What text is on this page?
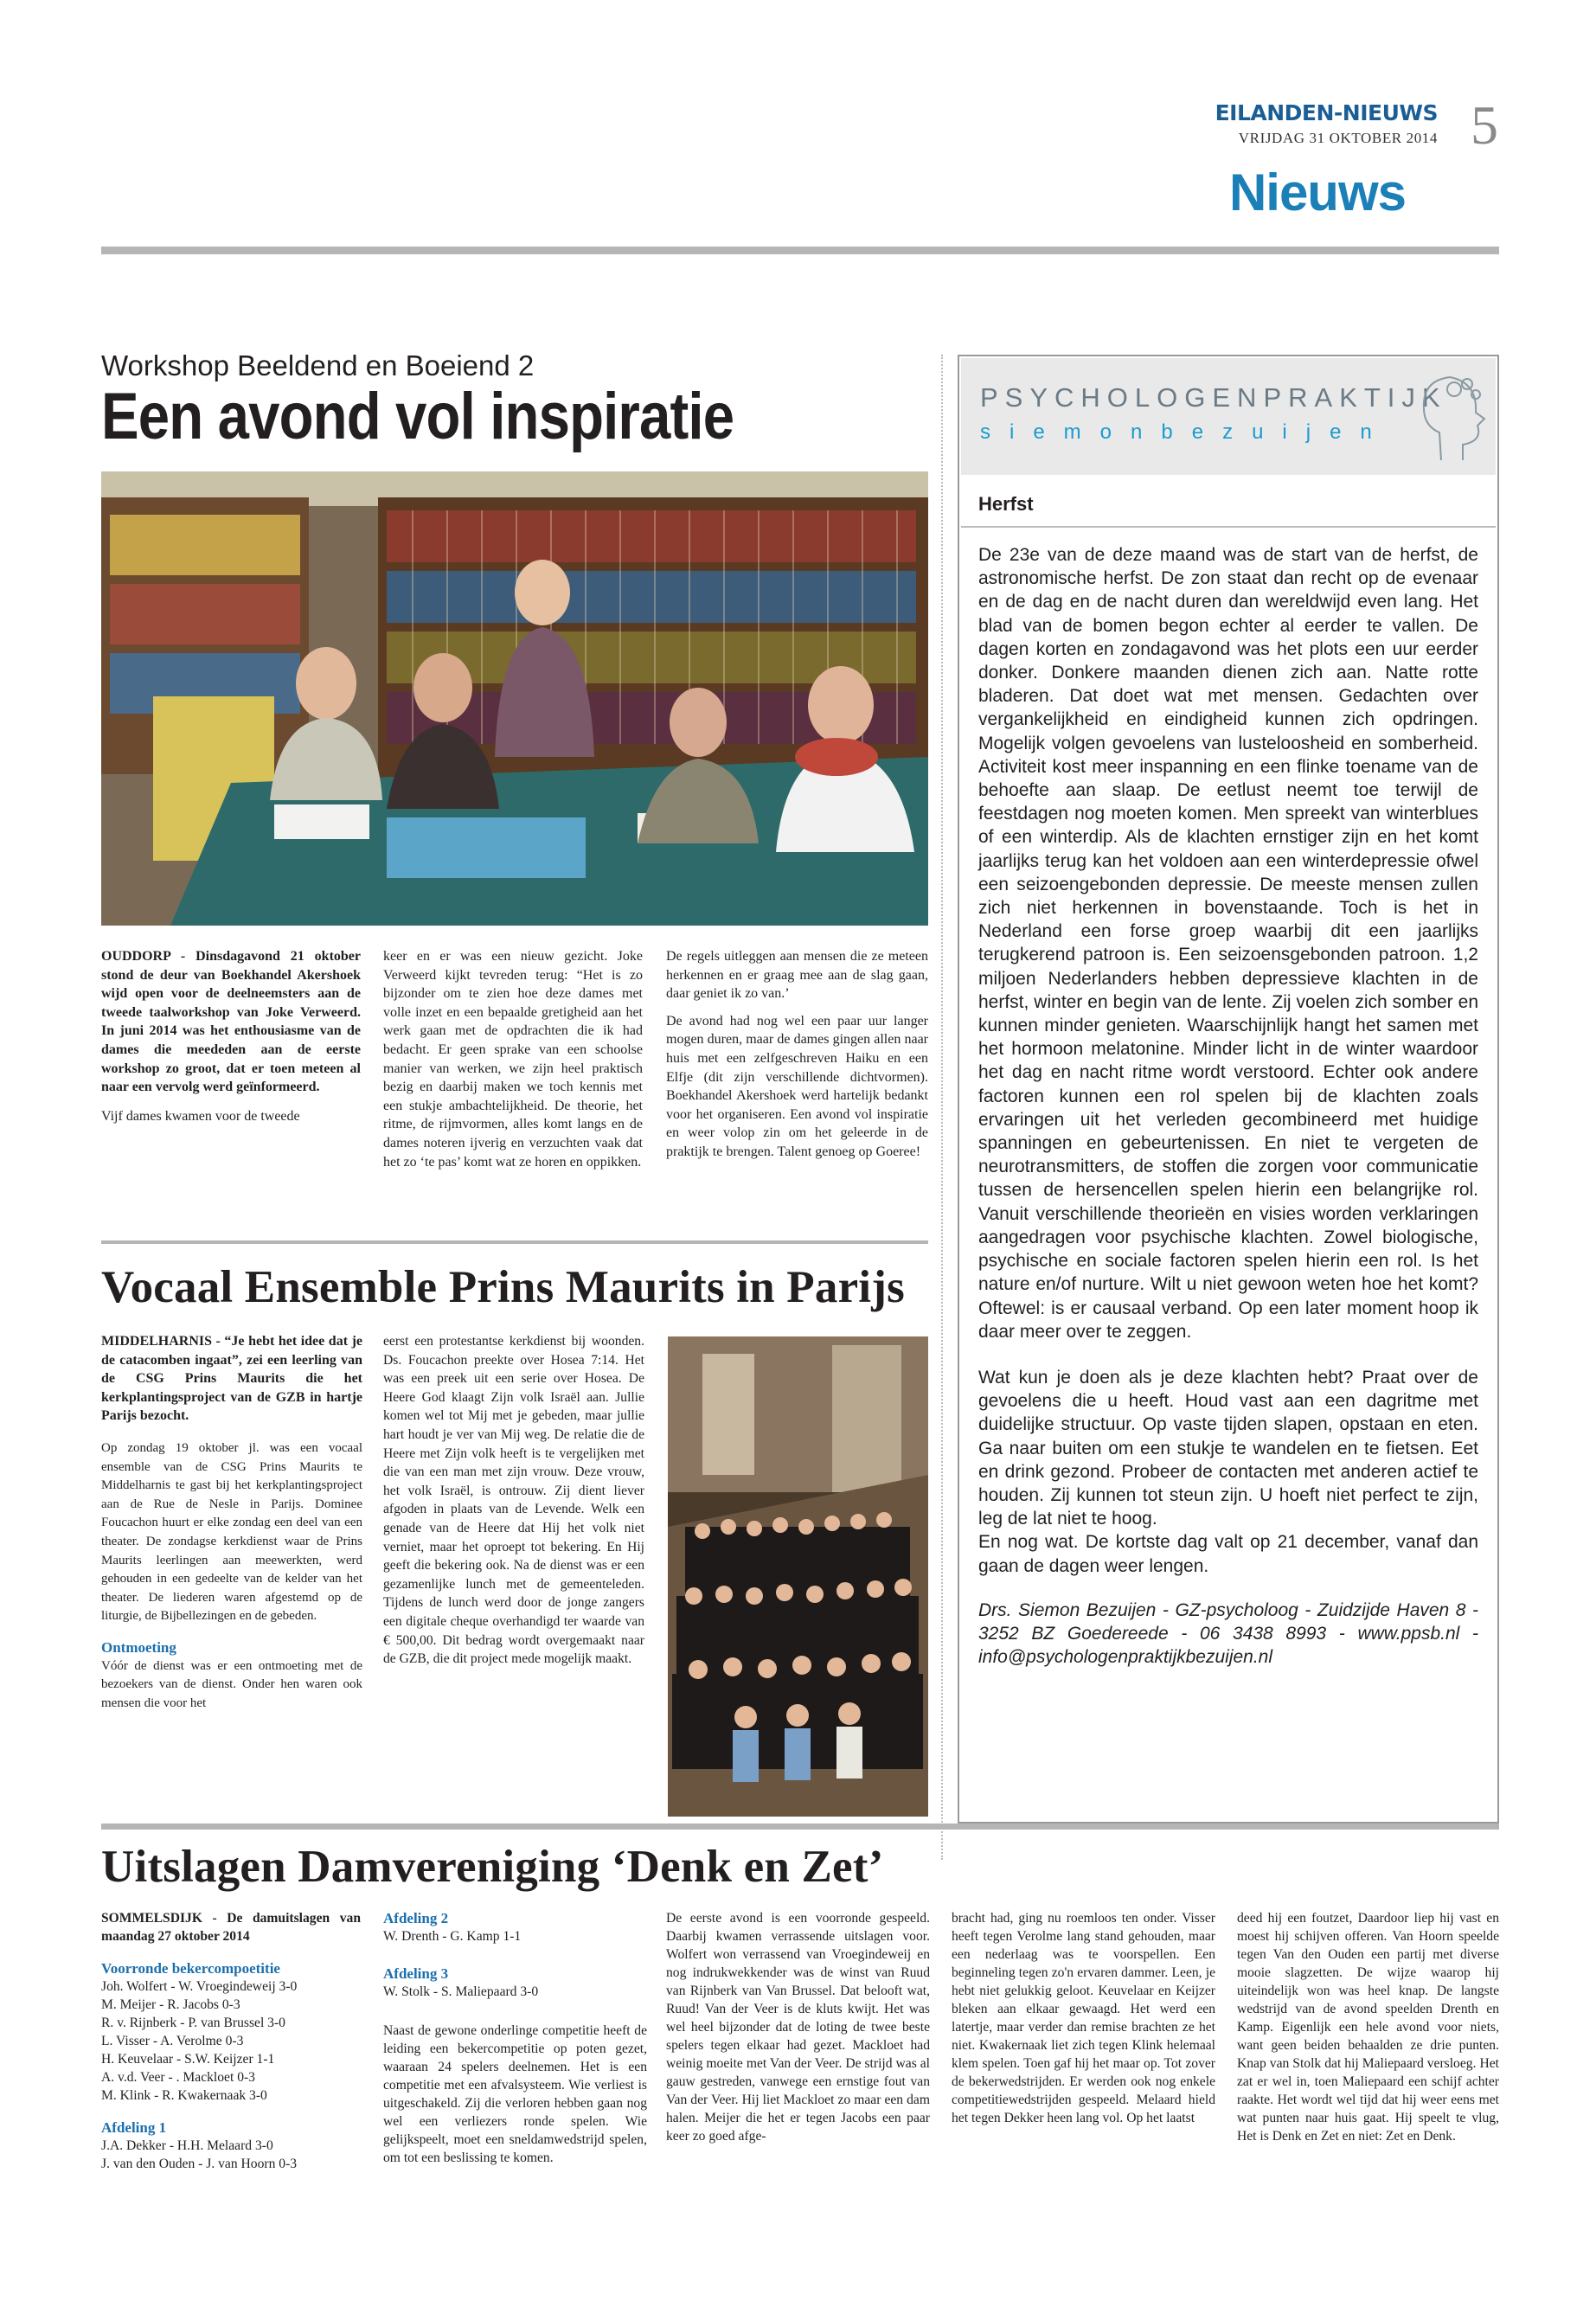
EILANDEN-NIEUWS
VRIJDAG 31 OKTOBER 2014 5
Nieuws
Workshop Beeldend en Boeiend 2
Een avond vol inspiratie

OUDDORP - Dinsdagavond 21 oktober stond de deur van Boekhandel Akershoek wijd open voor de deelneemsters aan de tweede taalworkshop van Joke Verweerd. In juni 2014 was het enthousiasme van de dames die meededen aan de eerste workshop zo groot, dat er toen meteen al naar een vervolg werd geïnformeerd.

Vijf dames kwamen voor de tweede

keer en er was een nieuw gezicht. Joke Verweerd kijkt tevreden terug: “Het is zo bijzonder om te zien hoe deze dames met volle inzet en een bepaalde gretigheid aan het werk gaan met de opdrachten die ik had bedacht. Er geen sprake van een schoolse manier van werken, we zijn heel praktisch bezig en daarbij maken we toch kennis met een stukje ambachtelijkheid. De theorie, het ritme, de rijmvormen, alles komt langs en de dames noteren ijverig en verzuchten vaak dat het zo ‘te pas’ komt wat ze horen en oppikken.

De regels uitleggen aan mensen die ze meteen herkennen en er graag mee aan de slag gaan, daar geniet ik zo van.’

De avond had nog wel een paar uur langer mogen duren, maar de dames gingen allen naar huis met een zelfgeschreven Haiku en een Elfje (dit zijn verschillende dichtvormen). Boekhandel Akershoek werd hartelijk bedankt voor het organiseren. Een avond vol inspiratie en weer volop zin om het geleerde in de praktijk te brengen. Talent genoeg op Goeree!

Vocaal Ensemble Prins Maurits in Parijs

MIDDELHARNIS - “Je hebt het idee dat je de catacomben ingaat”, zei een leerling van de CSG Prins Maurits die het kerkplantingsproject van de GZB in hartje Parijs bezocht.

Op zondag 19 oktober jl. was een vocaal ensemble van de CSG Prins Maurits te Middelharnis te gast bij het kerkplantingsproject aan de Rue de Nesle in Parijs. Dominee Foucachon huurt er elke zondag een deel van een theater. De zondagse kerkdienst waar de Prins Maurits leerlingen aan meewerkten, werd gehouden in een gedeelte van de kelder van het theater. De liederen waren afgestemd op de liturgie, de Bijbellezingen en de gebeden.

Ontmoeting

Vóór de dienst was er een ontmoeting met de bezoekers van de dienst. Onder hen waren ook mensen die voor het

eerst een protestantse kerkdienst bij woonden. Ds. Foucachon preekte over Hosea 7:14. Het was een preek uit een serie over Hosea. De Heere God klaagt Zijn volk Israël aan. Jullie komen wel tot Mij met je gebeden, maar jullie hart houdt je ver van Mij weg. De relatie die de Heere met Zijn volk heeft is te vergelijken met die van een man met zijn vrouw. Deze vrouw, het volk Israël, is ontrouw. Zij dient liever afgoden in plaats van de Levende. Welk een genade van de Heere dat Hij het volk niet verniet, maar het oproept tot bekering. En Hij geeft die bekering ook. Na de dienst was er een gezamenlijke lunch met de gemeenteleden. Tijdens de lunch werd door de jonge zangers een digitale cheque overhandigd ter waarde van € 500,00. Dit bedrag wordt overgemaakt naar de GZB, die dit project mede mogelijk maakt.

PSYCHOLOGENPRAKTIJK
siemonbezuijen
Herfst

De 23e van de deze maand was de start van de herfst, de astronomische herfst. De zon staat dan recht op de evenaar en de dag en de nacht duren dan wereldwijd even lang. Het blad van de bomen begon echter al eerder te vallen. De dagen korten en zondagavond was het plots een uur eerder donker. Donkere maanden dienen zich aan. Natte rotte bladeren. Dat doet wat met mensen. Gedachten over vergankelijkheid en eindigheid kunnen zich opdringen. Mogelijk volgen gevoelens van lusteloosheid en somberheid. Activiteit kost meer inspanning en een flinke toename van de behoefte aan slaap. De eetlust neemt toe terwijl de feestdagen nog moeten komen. Men spreekt van winterblues of een winterdip. Als de klachten ernstiger zijn en het komt jaarlijks terug kan het voldoen aan een winterdepressie ofwel een seizoengebonden depressie. De meeste mensen zullen zich niet herkennen in bovenstaande. Toch is het in Nederland een forse groep waarbij dit een jaarlijks terugkerend patroon is. Een seizoensgebonden patroon. 1,2 miljoen Nederlanders hebben depressieve klachten in de herfst, winter en begin van de lente. Zij voelen zich somber en kunnen minder genieten. Waarschijnlijk hangt het samen met het hormoon melatonine. Minder licht in de winter waardoor het dag en nacht ritme wordt verstoord. Echter ook andere factoren kunnen een rol spelen bij de klachten zoals ervaringen uit het verleden gecombineerd met huidige spanningen en gebeurtenissen. En niet te vergeten de neurotransmitters, de stoffen die zorgen voor communicatie tussen de hersencellen spelen hierin een belangrijke rol. Vanuit verschillende theorieën en visies worden verklaringen aangedragen voor psychische klachten. Zowel biologische, psychische en sociale factoren spelen hierin een rol. Is het nature en/of nurture. Wilt u niet gewoon weten hoe het komt? Oftewel: is er causaal verband. Op een later moment hoop ik daar meer over te zeggen.

Wat kun je doen als je deze klachten hebt? Praat over de gevoelens die u heeft. Houd vast aan een dagritme met duidelijke structuur. Op vaste tijden slapen, opstaan en eten. Ga naar buiten om een stukje te wandelen en te fietsen. Eet en drink gezond. Probeer de contacten met anderen actief te houden. Zij kunnen tot steun zijn. U hoeft niet perfect te zijn, leg de lat niet te hoog.

En nog wat. De kortste dag valt op 21 december, vanaf dan gaan de dagen weer lengen.

Drs. Siemon Bezuijen - GZ-psycholoog - Zuidzijde Haven 8 - 3252 BZ Goedereede - 06 3438 8993 - www.ppsb.nl - info@psychologenpraktijkbezuijen.nl

Uitslagen Damvereniging ‘Denk en Zet’

SOMMELSDIJK - De damuitslagen van maandag 27 oktober 2014

Voorronde bekercompoetitie
Joh. Wolfert - W. Vroegindeweij 3-0
M. Meijer - R. Jacobs 0-3
R. v. Rijnberk - P. van Brussel 3-0
L. Visser - A. Verolme 0-3
H. Keuvelaar - S.W. Keijzer 1-1
A. v.d. Veer - . Mackloet 0-3
M. Klink - R. Kwakernaak 3-0
Afdeling 1
J.A. Dekker - H.H. Melaard 3-0
J. van den Ouden - J. van Hoorn 0-3
Afdeling 2
W. Drenth - G. Kamp 1-1
Afdeling 3
W. Stolk - S. Maliepaard 3-0

Naast de gewone onderlinge competitie heeft de leiding een bekercompetitie op poten gezet, waaraan 24 spelers deelnemen. Het is een competitie met een afvalsysteem. Wie verliest is uitgeschakeld. Zij die verloren hebben gaan nog wel een verliezers ronde spelen. Wie gelijkspeelt, moet een sneldamwedstrijd spelen, om tot een beslissing te komen.

De eerste avond is een voorronde gespeeld. Daarbij kwamen verrassende uitslagen voor. Wolfert won verrassend van Vroegindeweij en nog indrukwekkender was de winst van Ruud van Rijnberk van Van Brussel. Dat belooft wat, Ruud! Van der Veer is de kluts kwijt. Het was wel heel bijzonder dat de loting de twee beste spelers tegen elkaar had gezet. Mackloet had weinig moeite met Van der Veer. De strijd was al gauw gestreden, vanwege een ernstige fout van Van der Veer. Hij liet Mackloet zo maar een dam halen. Meijer die het er tegen Jacobs een paar keer zo goed afge-

bracht had, ging nu roemloos ten onder. Visser heeft tegen Verolme lang stand gehouden, maar een nederlaag was te voorspellen. Een beginneling tegen zo'n ervaren dammer. Leen, je hebt niet gelukkig geloot. Keuvelaar en Keijzer bleken aan elkaar gewaagd. Het werd een latertje, maar verder dan remise brachten ze het niet. Kwakernaak liet zich tegen Klink helemaal klem spelen. Toen gaf hij het maar op. Tot zover de bekerwedstrijden. Er werden ook nog enkele competitiewedstrijden gespeeld. Melaard hield het tegen Dekker heen lang vol. Op het laatst

deed hij een foutzet, Daardoor liep hij vast en moest hij schijven offeren. Van Hoorn speelde tegen Van den Ouden een partij met diverse mooie slagzetten. De wijze waarop hij uiteindelijk won was heel knap. De langste wedstrijd van de avond speelden Drenth en Kamp. Eigenlijk een hele avond voor niets, want geen beiden behaalden ze drie punten. Knap van Stolk dat hij Maliepaard versloeg. Het zat er wel in, toen Maliepaard een schijf achter raakte. Het wordt wel tijd dat hij weer eens met wat punten naar huis gaat. Hij speelt te vlug, Het is Denk en Zet en niet: Zet en Denk.
